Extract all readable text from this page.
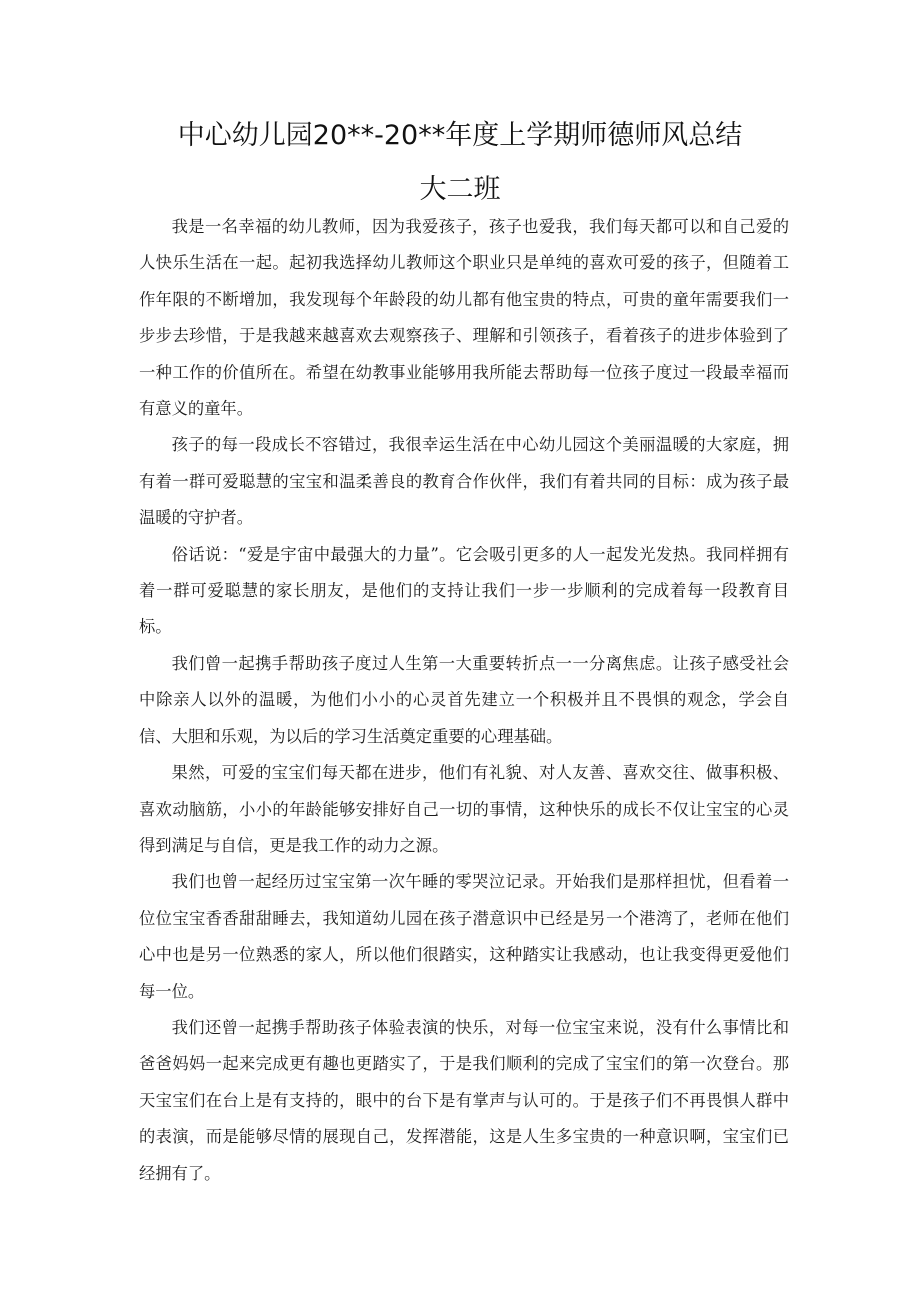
中心幼儿园20**-20**年度上学期师德师风总结
大二班

我是一名幸福的幼儿教师，因为我爱孩子，孩子也爱我，我们每天都可以和自己爱的人快乐生活在一起。起初我选择幼儿教师这个职业只是单纯的喜欢可爱的孩子，但随着工作年限的不断增加，我发现每个年龄段的幼儿都有他宝贵的特点，可贵的童年需要我们一步步去珍惜，于是我越来越喜欢去观察孩子、理解和引领孩子，看着孩子的进步体验到了一种工作的价值所在。希望在幼教事业能够用我所能去帮助每一位孩子度过一段最幸福而有意义的童年。

孩子的每一段成长不容错过，我很幸运生活在中心幼儿园这个美丽温暖的大家庭，拥有着一群可爱聪慧的宝宝和温柔善良的教育合作伙伴，我们有着共同的目标：成为孩子最温暖的守护者。

俗话说：“爱是宇宙中最强大的力量”。它会吸引更多的人一起发光发热。我同样拥有着一群可爱聪慧的家长朋友，是他们的支持让我们一步一步顺利的完成着每一段教育目标。

我们曾一起携手帮助孩子度过人生第一大重要转折点一一分离焦虑。让孩子感受社会中除亲人以外的温暖，为他们小小的心灵首先建立一个积极并且不畏惧的观念，学会自信、大胆和乐观，为以后的学习生活奠定重要的心理基础。

果然，可爱的宝宝们每天都在进步，他们有礼貌、对人友善、喜欢交往、做事积极、喜欢动脑筋，小小的年龄能够安排好自己一切的事情，这种快乐的成长不仅让宝宝的心灵得到满足与自信，更是我工作的动力之源。

我们也曾一起经历过宝宝第一次午睡的零哭泣记录。开始我们是那样担忧，但看着一位位宝宝香香甜甜睡去，我知道幼儿园在孩子潜意识中已经是另一个港湾了，老师在他们心中也是另一位熟悉的家人，所以他们很踏实，这种踏实让我感动，也让我变得更爱他们每一位。

我们还曾一起携手帮助孩子体验表演的快乐，对每一位宝宝来说，没有什么事情比和爸爸妈妈一起来完成更有趣也更踏实了，于是我们顺利的完成了宝宝们的第一次登台。那天宝宝们在台上是有支持的，眼中的台下是有掌声与认可的。于是孩子们不再畏惧人群中的表演，而是能够尽情的展现自己，发挥潜能，这是人生多宝贵的一种意识啊，宝宝们已经拥有了。
